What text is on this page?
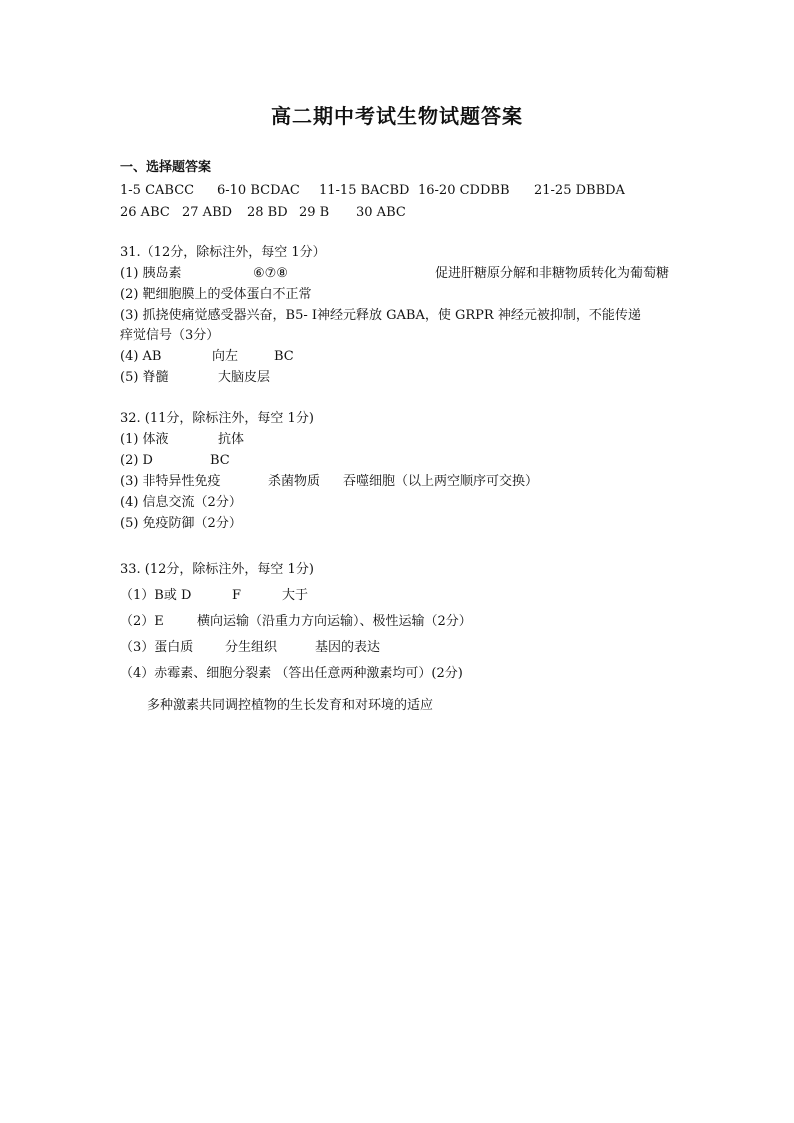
高二期中考试生物试题答案
一、选择题答案
1-5 CABCC 6-10 BCDAC 11-15 BACBD 16-20 CDDBB 21-25 DBBDA
26 ABC 27 ABD 28 BD 29 B 30 ABC
31.（12分，除标注外，每空 1分）
(1) 胰岛素	⑥⑦⑧	促进肝糖原分解和非糖物质转化为葡萄糖
(2) 靶细胞膜上的受体蛋白不正常
(3) 抓挠使痛觉感受器兴奋，B5- Ⅰ神经元释放 GABA，使 GRPR 神经元被抑制，不能传递
痒觉信号（3分）
(4) AB	向左	BC
(5) 脊髓	大脑皮层
32. (11分，除标注外，每空 1分)
(1) 体液	抗体
(2) D	BC
(3) 非特异性免疫	杀菌物质 吞噬细胞（以上两空顺序可交换）
(4) 信息交流（2分）
(5) 免疫防御（2分）
33. (12分，除标注外，每空 1分)
（1）B或 D	F	大于
（2）E	横向运输（沿重力方向运输）、极性运输（2分）
（3）蛋白质 分生组织	基因的表达
（4）赤霉素、细胞分裂素 （答出任意两种激素均可）(2分)
多种激素共同调控植物的生长发育和对环境的适应
